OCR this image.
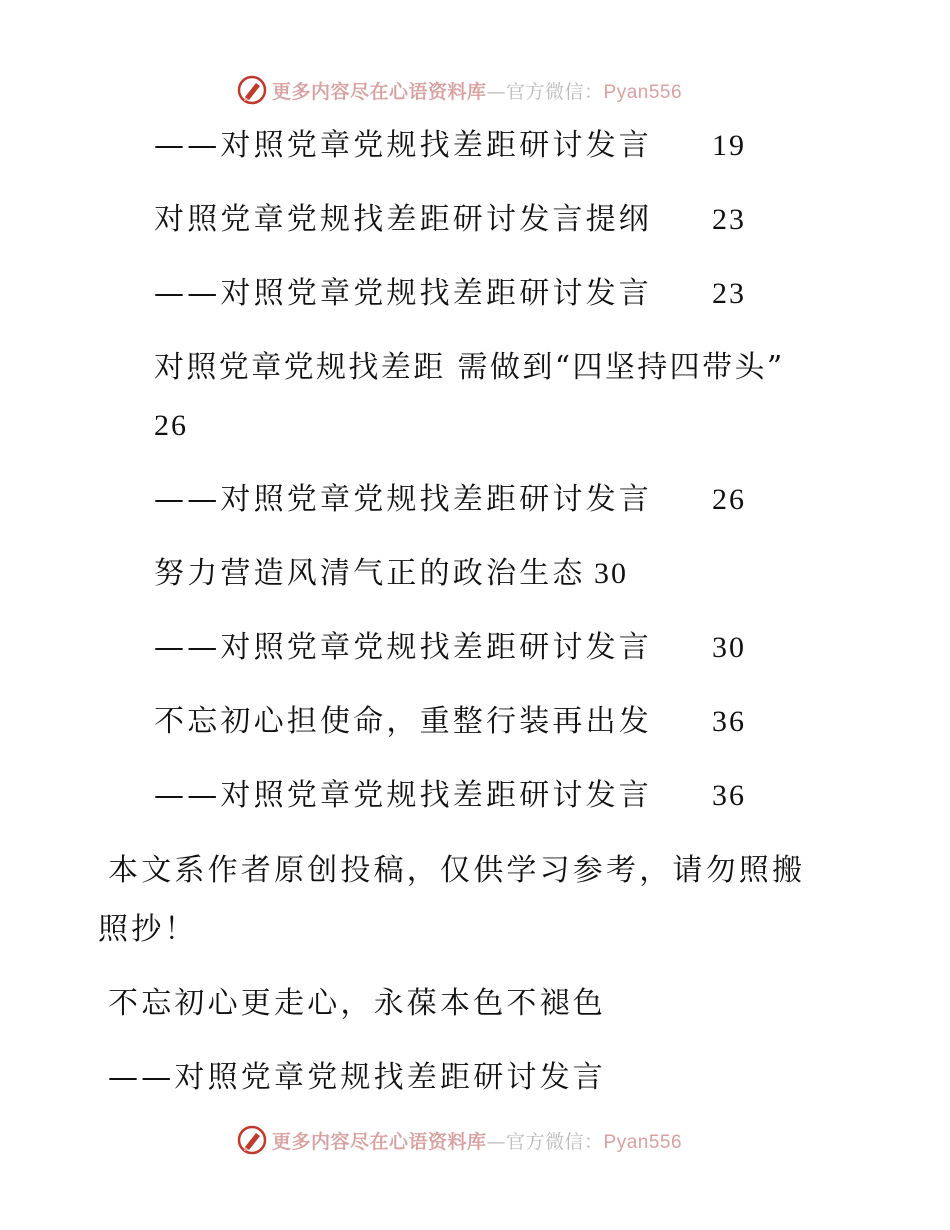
更多内容尽在心语资料库—官方微信：Pyan556
——对照党章党规找差距研讨发言 19
对照党章党规找差距研讨发言提纲 23
——对照党章党规找差距研讨发言 23
对照党章党规找差距 需做到“四坚持四带头”
26
——对照党章党规找差距研讨发言 26
努力营造风清气正的政治生态 30
——对照党章党规找差距研讨发言 30
不忘初心担使命，重整行装再出发 36
——对照党章党规找差距研讨发言 36
本文系作者原创投稿，仅供学习参考，请勿照搬
照抄！
不忘初心更走心，永葆本色不褪色
——对照党章党规找差距研讨发言
更多内容尽在心语资料库—官方微信：Pyan556
